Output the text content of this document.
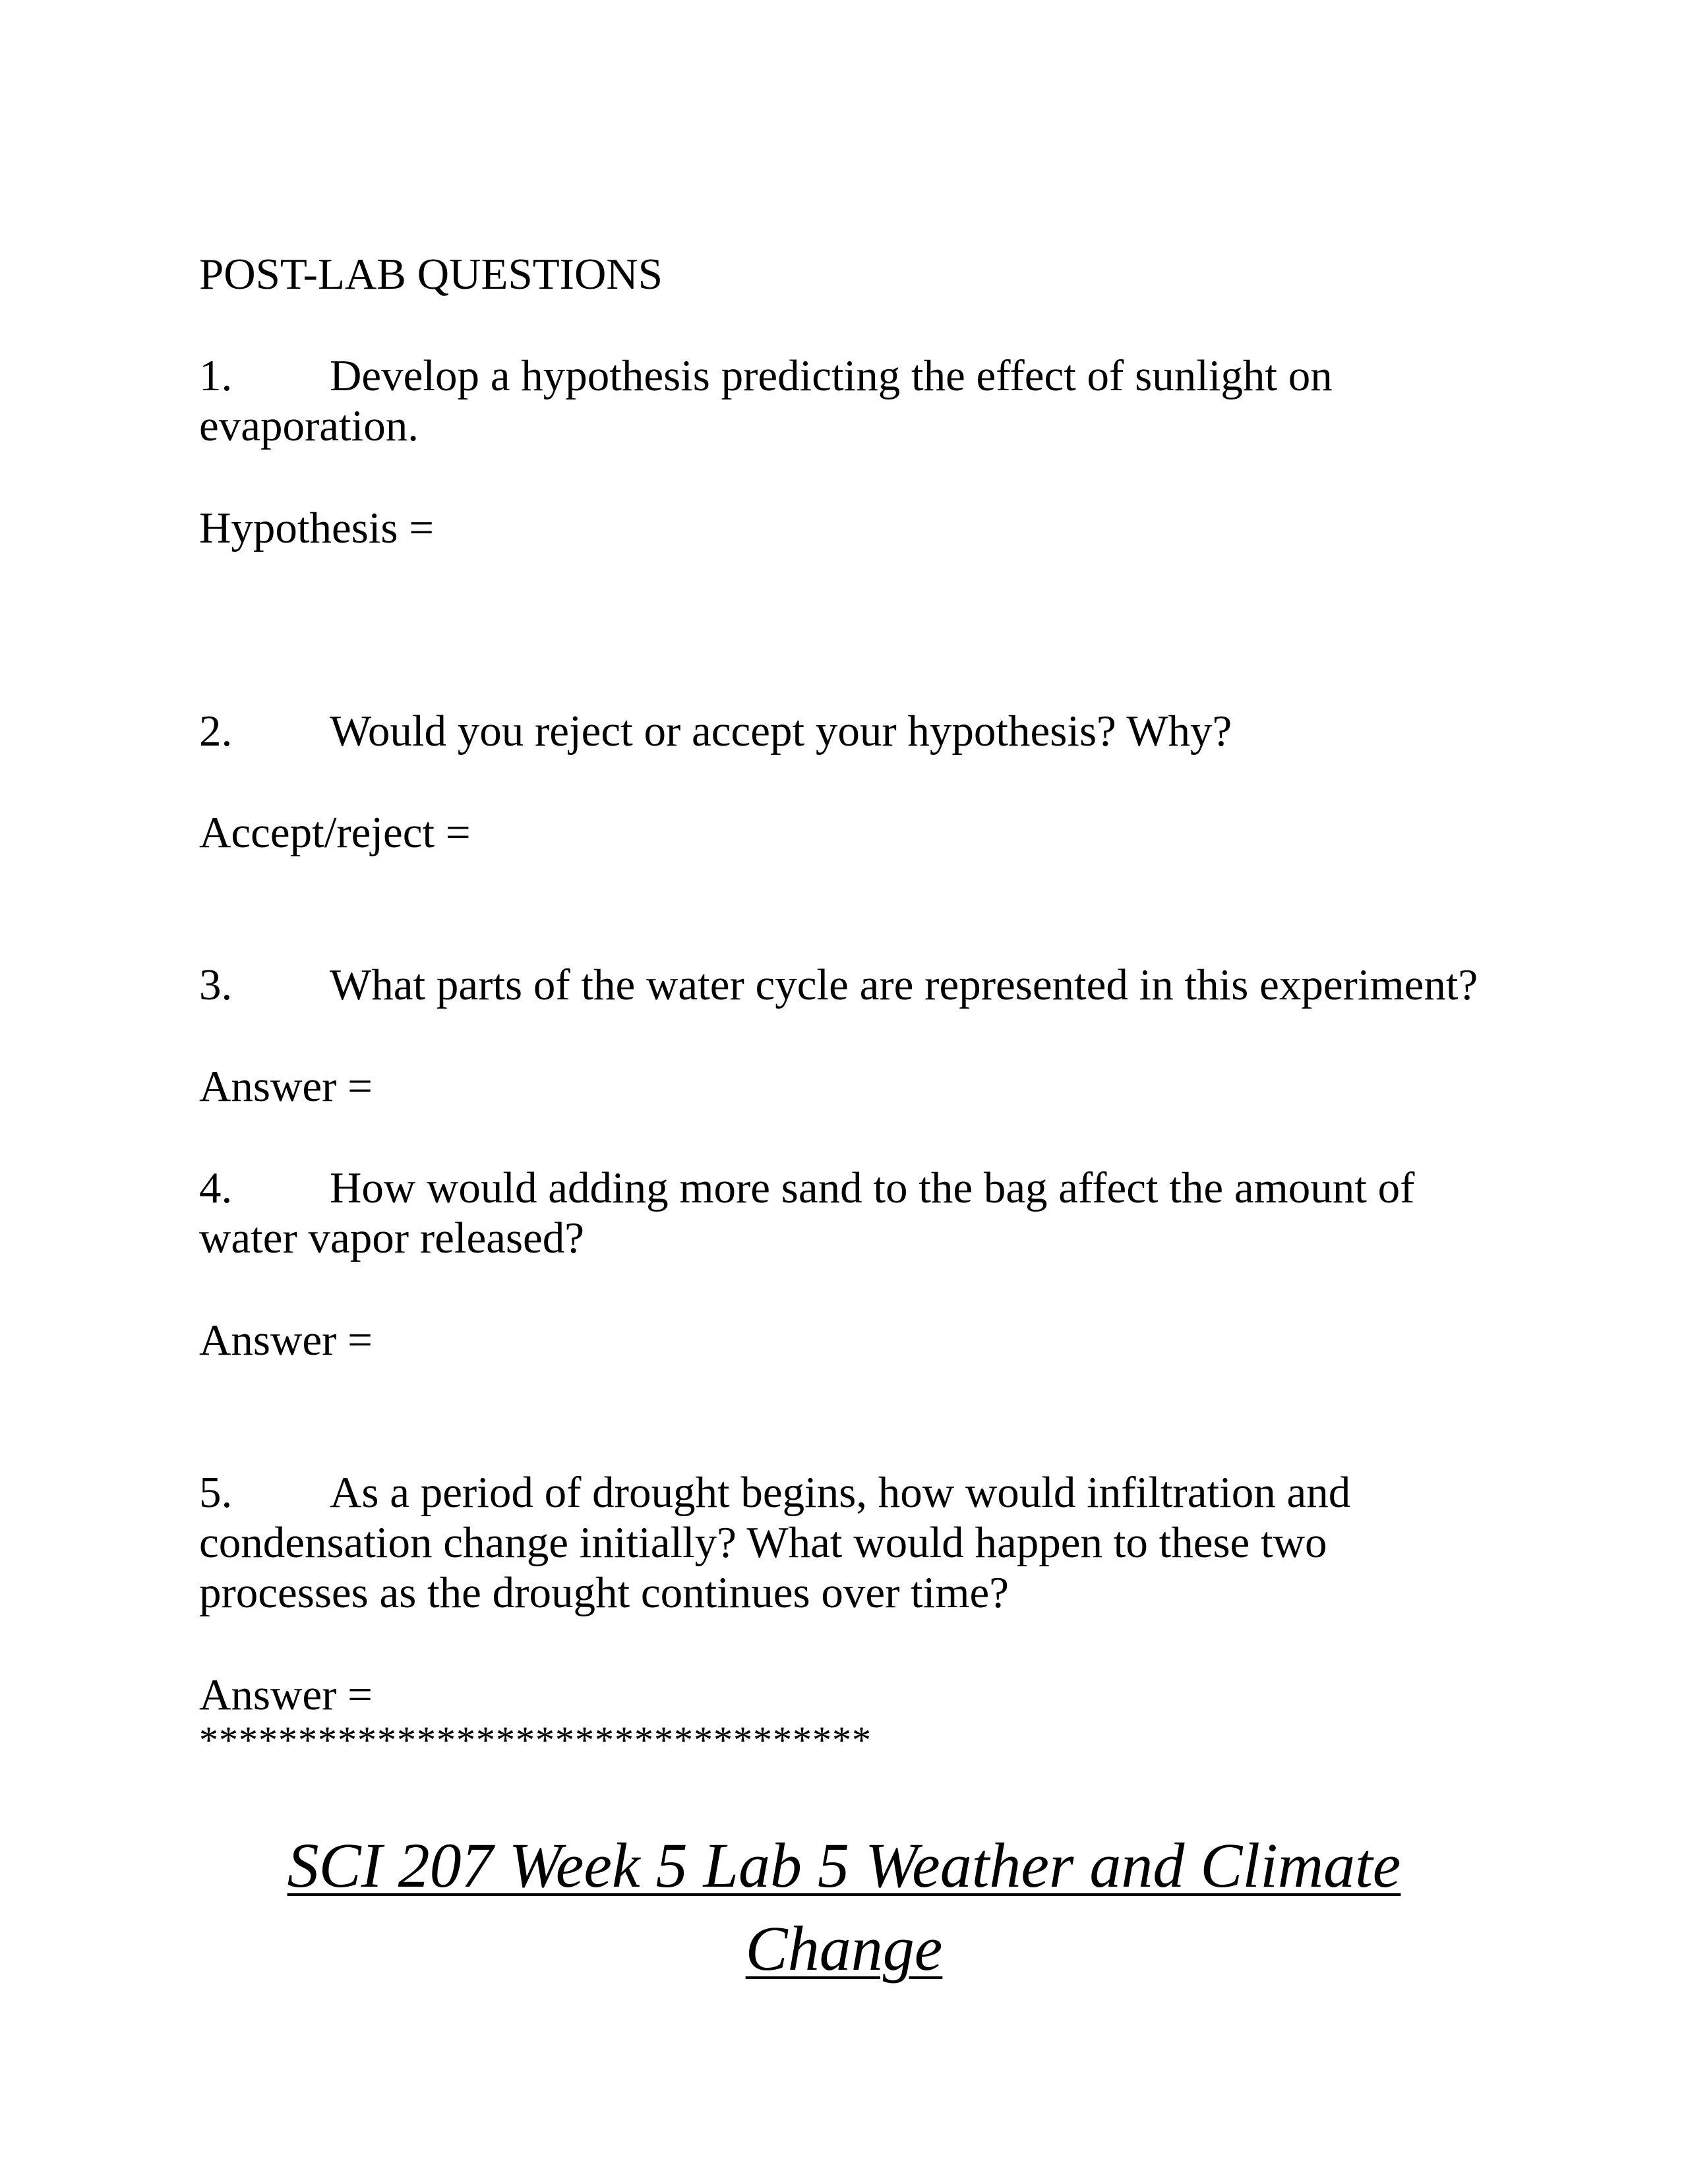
POST-LAB QUESTIONS
1. Develop a hypothesis predicting the effect of sunlight on
evaporation.
Hypothesis =
2. Would you reject or accept your hypothesis? Why?
Accept/reject =
3. What parts of the water cycle are represented in this experiment?
Answer =
4. How would adding more sand to the bag affect the amount of
water vapor released?
Answer =
5. As a period of drought begins, how would infiltration and
condensation change initially? What would happen to these two
processes as the drought continues over time?
Answer =
**********************************
SCI 207 Week 5 Lab 5 Weather and Climate
Change
